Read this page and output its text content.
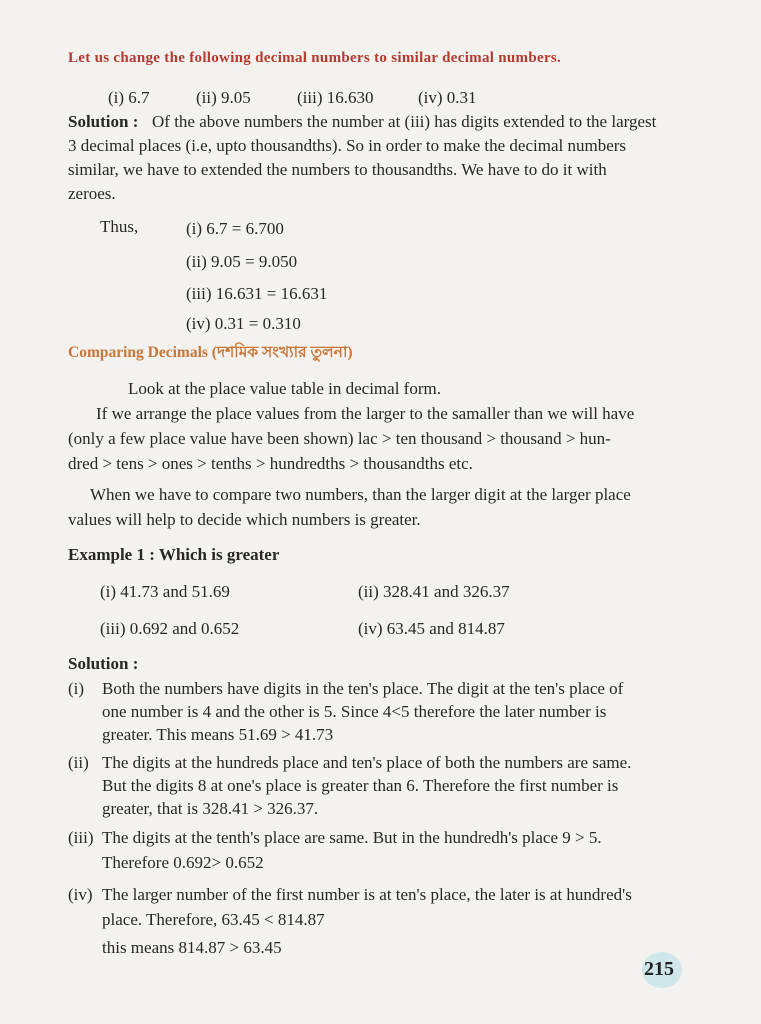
Let us change the following decimal numbers to similar decimal numbers.
(i) 6.7	(ii) 9.05	(iii) 16.630	(iv) 0.31
Solution : Of the above numbers the number at (iii) has digits extended to the largest
3 decimal places (i.e, upto thousandths). So in order to make the decimal numbers
similar, we have to extended the numbers to thousandths. We have to do it with
zeroes.
Thus,	(i) 6.7 = 6.700
(ii) 9.05 = 9.050
(iii) 16.631 = 16.631
(iv) 0.31 = 0.310
Comparing Decimals (দশমিক সংখ্যার তুলনা)
Look at the place value table in decimal form.
If we arrange the place values from the larger to the samaller than we will have
(only a few place value have been shown) lac > ten thousand > thousand > hun-
dred > tens > ones > tenths > hundredths > thousandths etc.
When we have to compare two numbers, than the larger digit at the larger place
values will help to decide which numbers is greater.
Example 1 : Which is greater
(i) 41.73 and 51.69	(ii) 328.41 and 326.37
(iii) 0.692 and 0.652	(iv) 63.45 and 814.87
Solution :
(i) Both the numbers have digits in the ten's place. The digit at the ten's place of
one number is 4 and the other is 5. Since 4<5 therefore the later number is
greater. This means 51.69 > 41.73
(ii) The digits at the hundreds place and ten's place of both the numbers are same.
But the digits 8 at one's place is greater than 6. Therefore the first number is
greater, that is 328.41 > 326.37.
(iii) The digits at the tenth's place are same. But in the hundredh's place 9 > 5.
Therefore 0.692> 0.652
(iv) The larger number of the first number is at ten's place, the later is at hundred's
place. Therefore, 63.45 < 814.87
this means 814.87 > 63.45
215
